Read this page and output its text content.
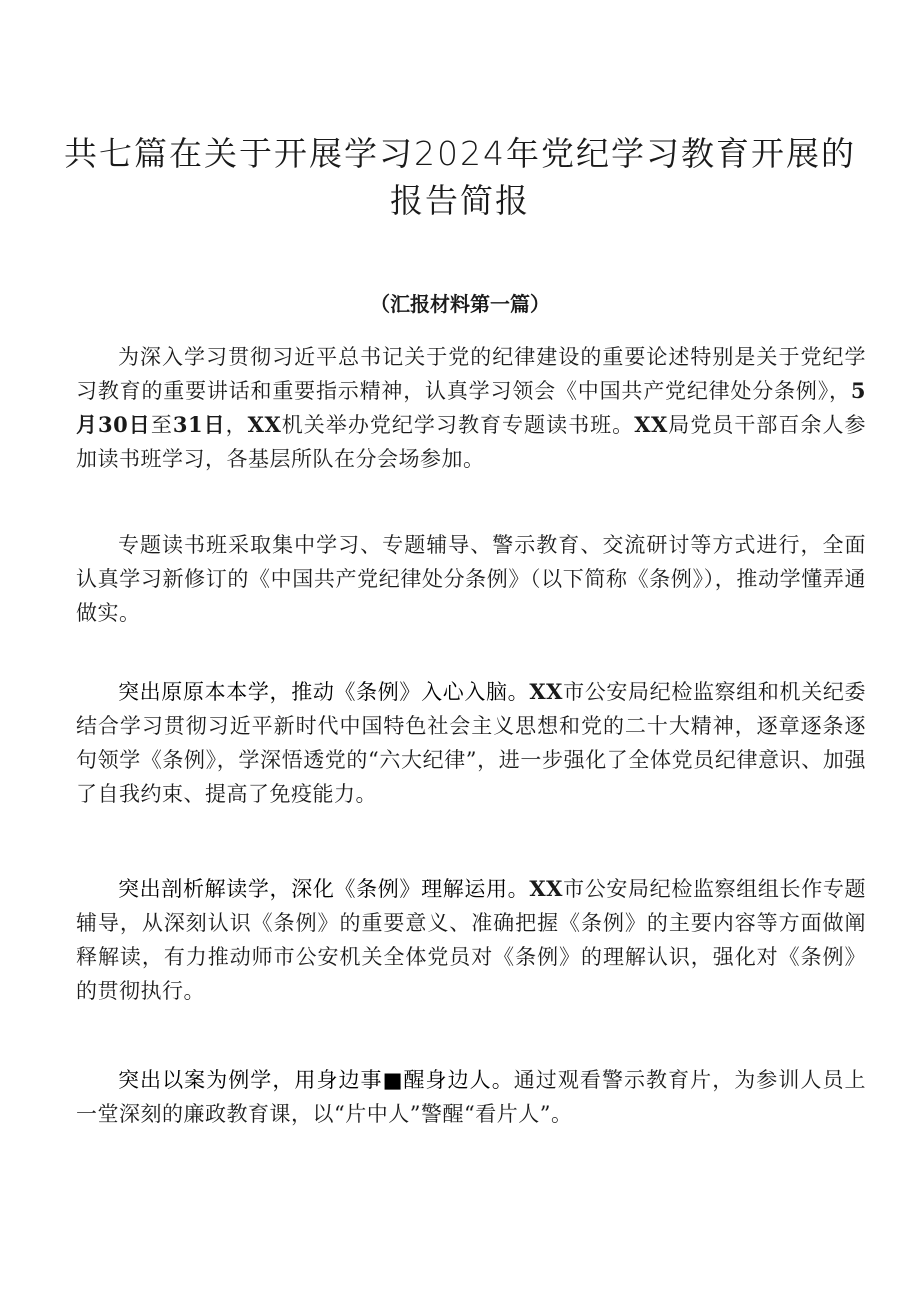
共七篇在关于开展学习2024年党纪学习教育开展的
报告简报
（汇报材料第一篇）

为深入学习贯彻习近平总书记关于党的纪律建设的重要论述特别是关于党纪学习教育的重要讲话和重要指示精神，认真学习领会《中国共产党纪律处分条例》，5月30日至31日，XX机关举办党纪学习教育专题读书班。XX局党员干部百余人参加读书班学习，各基层所队在分会场参加。

专题读书班采取集中学习、专题辅导、警示教育、交流研讨等方式进行，全面认真学习新修订的《中国共产党纪律处分条例》（以下简称《条例》），推动学懂弄通做实。

突出原原本本学，推动《条例》入心入脑。XX市公安局纪检监察组和机关纪委结合学习贯彻习近平新时代中国特色社会主义思想和党的二十大精神，逐章逐条逐句领学《条例》，学深悟透党的“六大纪律”，进一步强化了全体党员纪律意识、加强了自我约束、提高了免疫能力。

突出剖析解读学，深化《条例》理解运用。XX市公安局纪检监察组组长作专题辅导，从深刻认识《条例》的重要意义、准确把握《条例》的主要内容等方面做阐释解读，有力推动师市公安机关全体党员对《条例》的理解认识，强化对《条例》的贯彻执行。

突出以案为例学，用身边事■醒身边人。通过观看警示教育片，为参训人员上一堂深刻的廉政教育课，以“片中人”警醒“看片人”。
